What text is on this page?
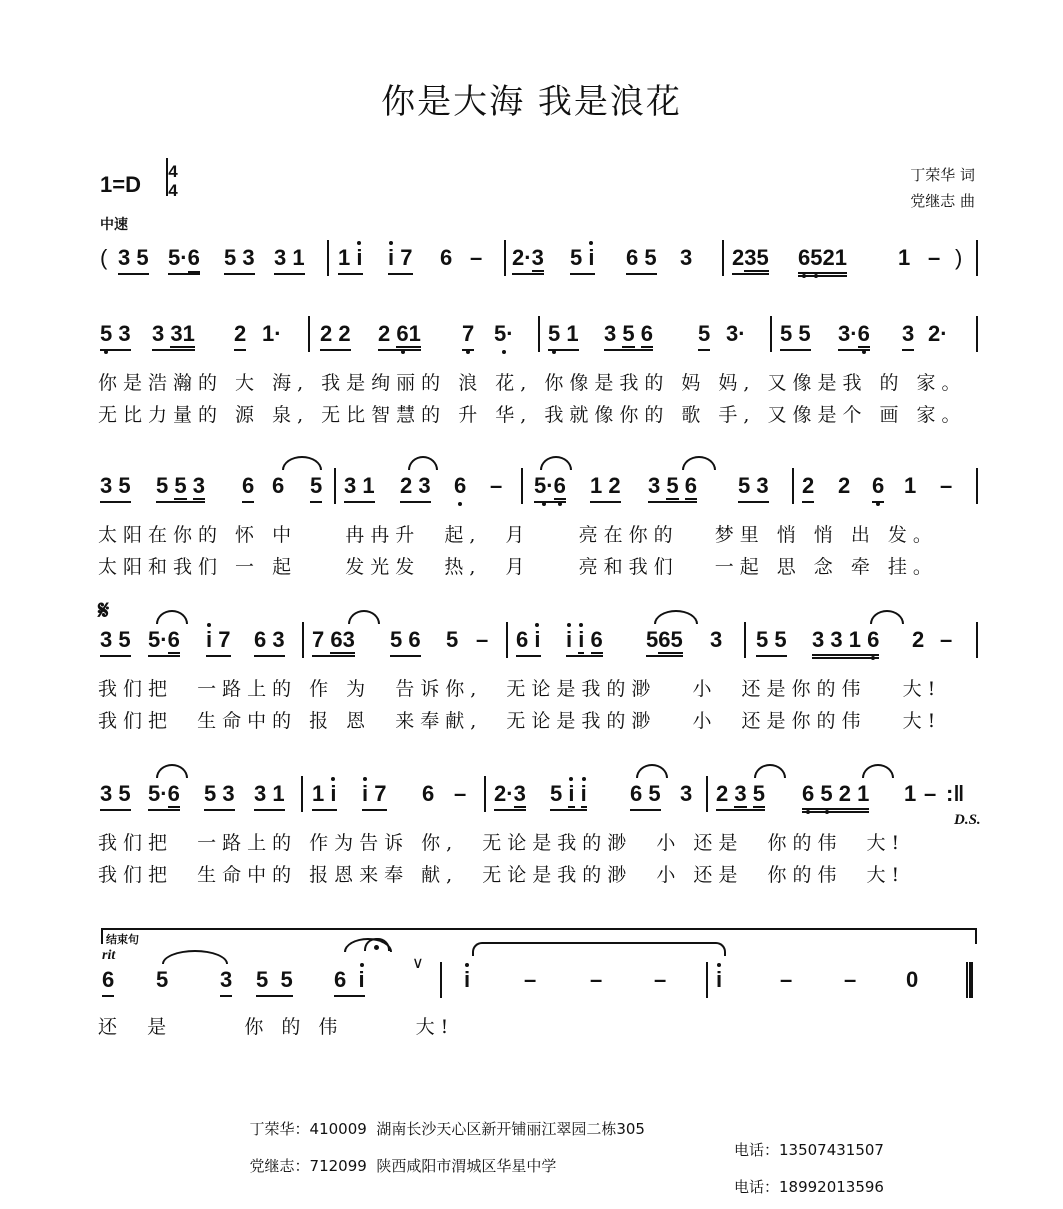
你是大海 我是浪花
丁荣华 词
党继志 曲
1=D
4
4
中速
( 3 5 5·6 5 3 3 1 1 i i 7 6 – 2·3 5 i 6 5 3 235 6521 1 – )
5 3 3 31 2 1· 2 2 2 61 7 5· 5 1 3 5 6 5 3· 5 5 3·6 3 2·
你是浩瀚的 大 海, 我是绚丽的 浪 花, 你像是我的 妈 妈, 又像是我 的 家。
无比力量的 源 泉, 无比智慧的 升 华, 我就像你的 歌 手, 又像是个 画 家。
3 5 5 5 3 6 6 5 3 1 2 3 6 – 5·6 1 2 3 5 6 5 3 2 2 6 1 –
太阳在你的 怀 中    冉冉升  起,  月    亮在你的   梦里 悄 悄 出 发。
太阳和我们 一 起    发光发  热,  月    亮和我们   一起 思 念 牵 挂。
𝄋
3 5 5·6 i 7 6 3 7 63 5 6 5 – 6 i i i 6 565 3 5 5 3 3 1 6 2 –
我们把  一路上的 作 为  告诉你,  无论是我的渺   小  还是你的伟   大!
我们把  生命中的 报 恩  来奉献,  无论是我的渺   小  还是你的伟   大!
3 5 5·6 5 3 3 1 1 i i 7 6 – 2·3 5 i i 6 5 3 2 3 5 6 5 2 1 1 – :‖
D.S.
我们把  一路上的 作为告诉 你,  无论是我的渺  小 还是  你的伟  大!
我们把  生命中的 报恩来奉 献,  无论是我的渺  小 还是  你的伟  大!
结束句
rit
6 5 3 5 5 6 i
∨
i – – – i	– – 0
还  是      你 的 伟      大!

丁荣华：410009  湖南长沙天心区新开铺丽江翠园二栋305

电话：13507431507

党继志：712099  陕西咸阳市渭城区华星中学

电话：18992013596
